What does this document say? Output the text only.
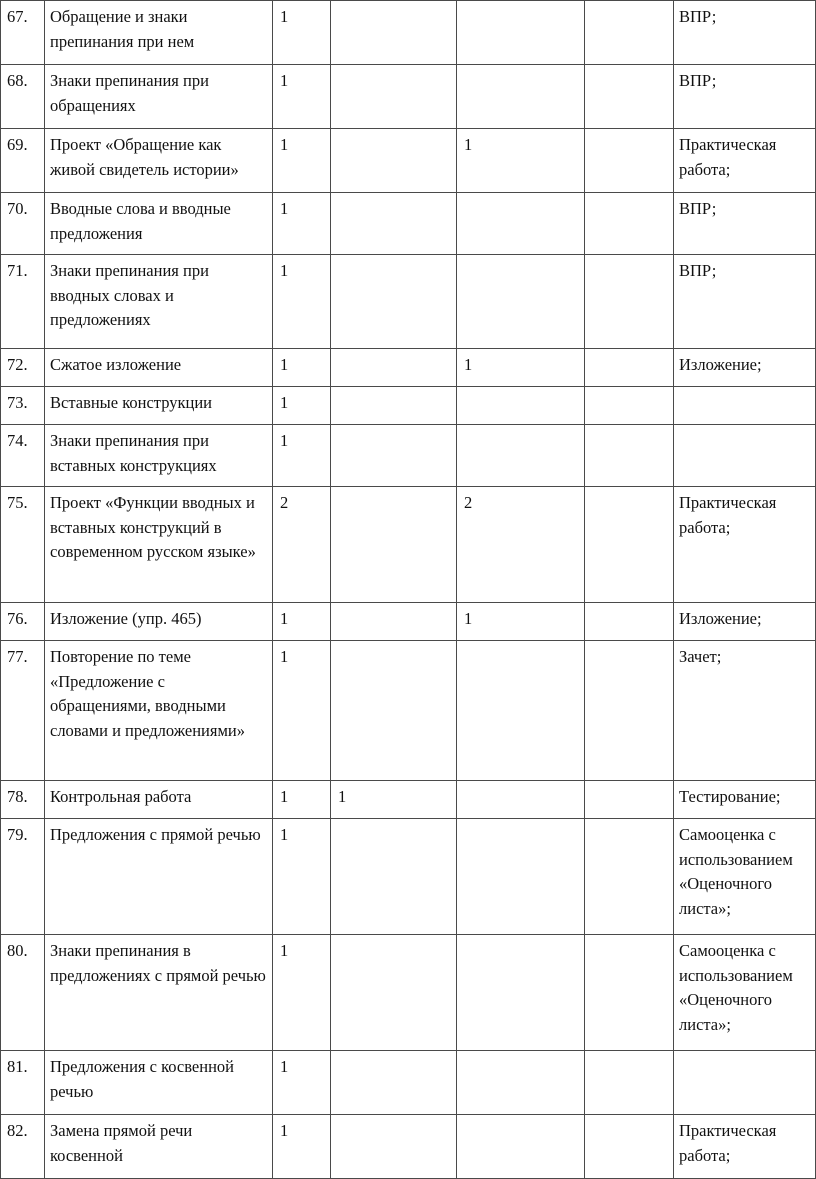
67.	Обращение и знаки препинания при нем	1				ВПР;
68.	Знаки препинания при обращениях	1				ВПР;
69.	Проект «Обращение как живой свидетель истории»	1		1		Практическая работа;
70.	Вводные слова и вводные предложения	1				ВПР;
71.	Знаки препинания при вводных словах и предложениях	1				ВПР;
72.	Сжатое изложение	1		1		Изложение;
73.	Вставные конструкции	1				
74.	Знаки препинания при вставных конструкциях	1				
75.	Проект «Функции вводных и вставных конструкций в современном русском языке»	2		2		Практическая работа;
76.	Изложение (упр. 465)	1		1		Изложение;
77.	Повторение по теме «Предложение с обращениями, вводными словами и предложениями»	1				Зачет;
78.	Контрольная работа	1	1			Тестирование;
79.	Предложения с прямой речью	1				Самооценка с использованием «Оценочного листа»;
80.	Знаки препинания в предложениях с прямой речью	1				Самооценка с использованием «Оценочного листа»;
81.	Предложения с косвенной речью	1				
82.	Замена прямой речи косвенной	1				Практическая работа;
